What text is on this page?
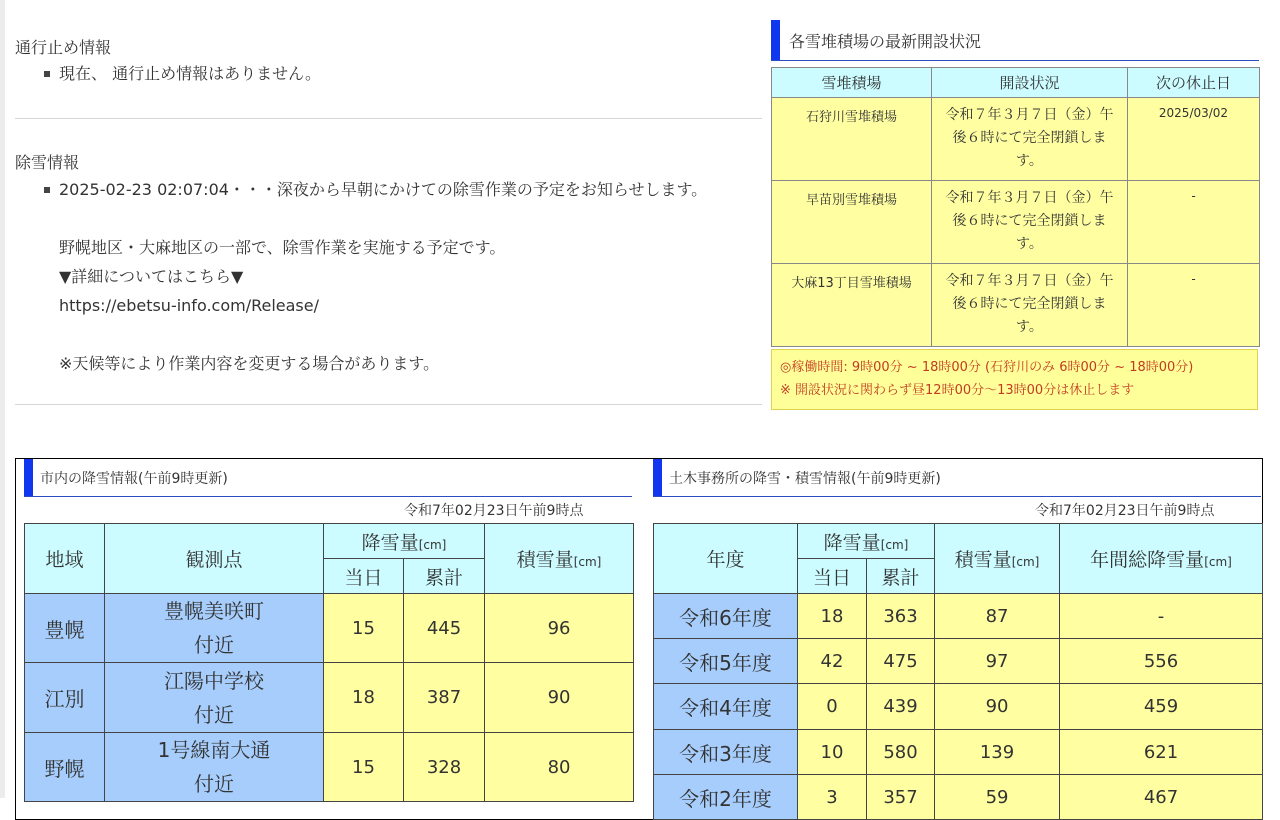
通行止め情報

現在、 通行止め情報はありません。

除雪情報

2025-02-23 02:07:04・・・深夜から早朝にかけての除雪作業の予定をお知らせします。
野幌地区・大麻地区の一部で、除雪作業を実施する予定です。
▼詳細についてはこちら▼
https://ebetsu-info.com/Release/
※天候等により作業内容を変更する場合があります。
各雪堆積場の最新開設状況
雪堆積場	開設状況	次の休止日

石狩川雪堆積場	令和７年３月７日（金）午
後６時にて完全閉鎖しま
す。	2025/03/02

早苗別雪堆積場	令和７年３月７日（金）午
後６時にて完全閉鎖しま
す。	-

大麻13丁目雪堆積場	令和７年３月７日（金）午
後６時にて完全閉鎖しま
す。	-
◎稼働時間: 9時00分 ~ 18時00分 (石狩川のみ 6時00分 ~ 18時00分)
※ 開設状況に関わらず昼12時00分～13時00分は休止します
市内の降雪情報(午前9時更新)
令和7年02月23日午前9時点
地域	観測点	降雪量[cm]		積雪量[cm]
		当日	累計	
豊幌	豊幌美咲町
付近	15	445	96
江別	江陽中学校
付近	18	387	90
野幌	1号線南大通
付近	15	328	80
土木事務所の降雪・積雪情報(午前9時更新)
令和7年02月23日午前9時点
年度	降雪量[cm]		積雪量[cm]	年間総降雪量[cm]
	当日	累計		
令和6年度	18	363	87	-
令和5年度	42	475	97	556
令和4年度	0	439	90	459
令和3年度	10	580	139	621
令和2年度	3	357	59	467
